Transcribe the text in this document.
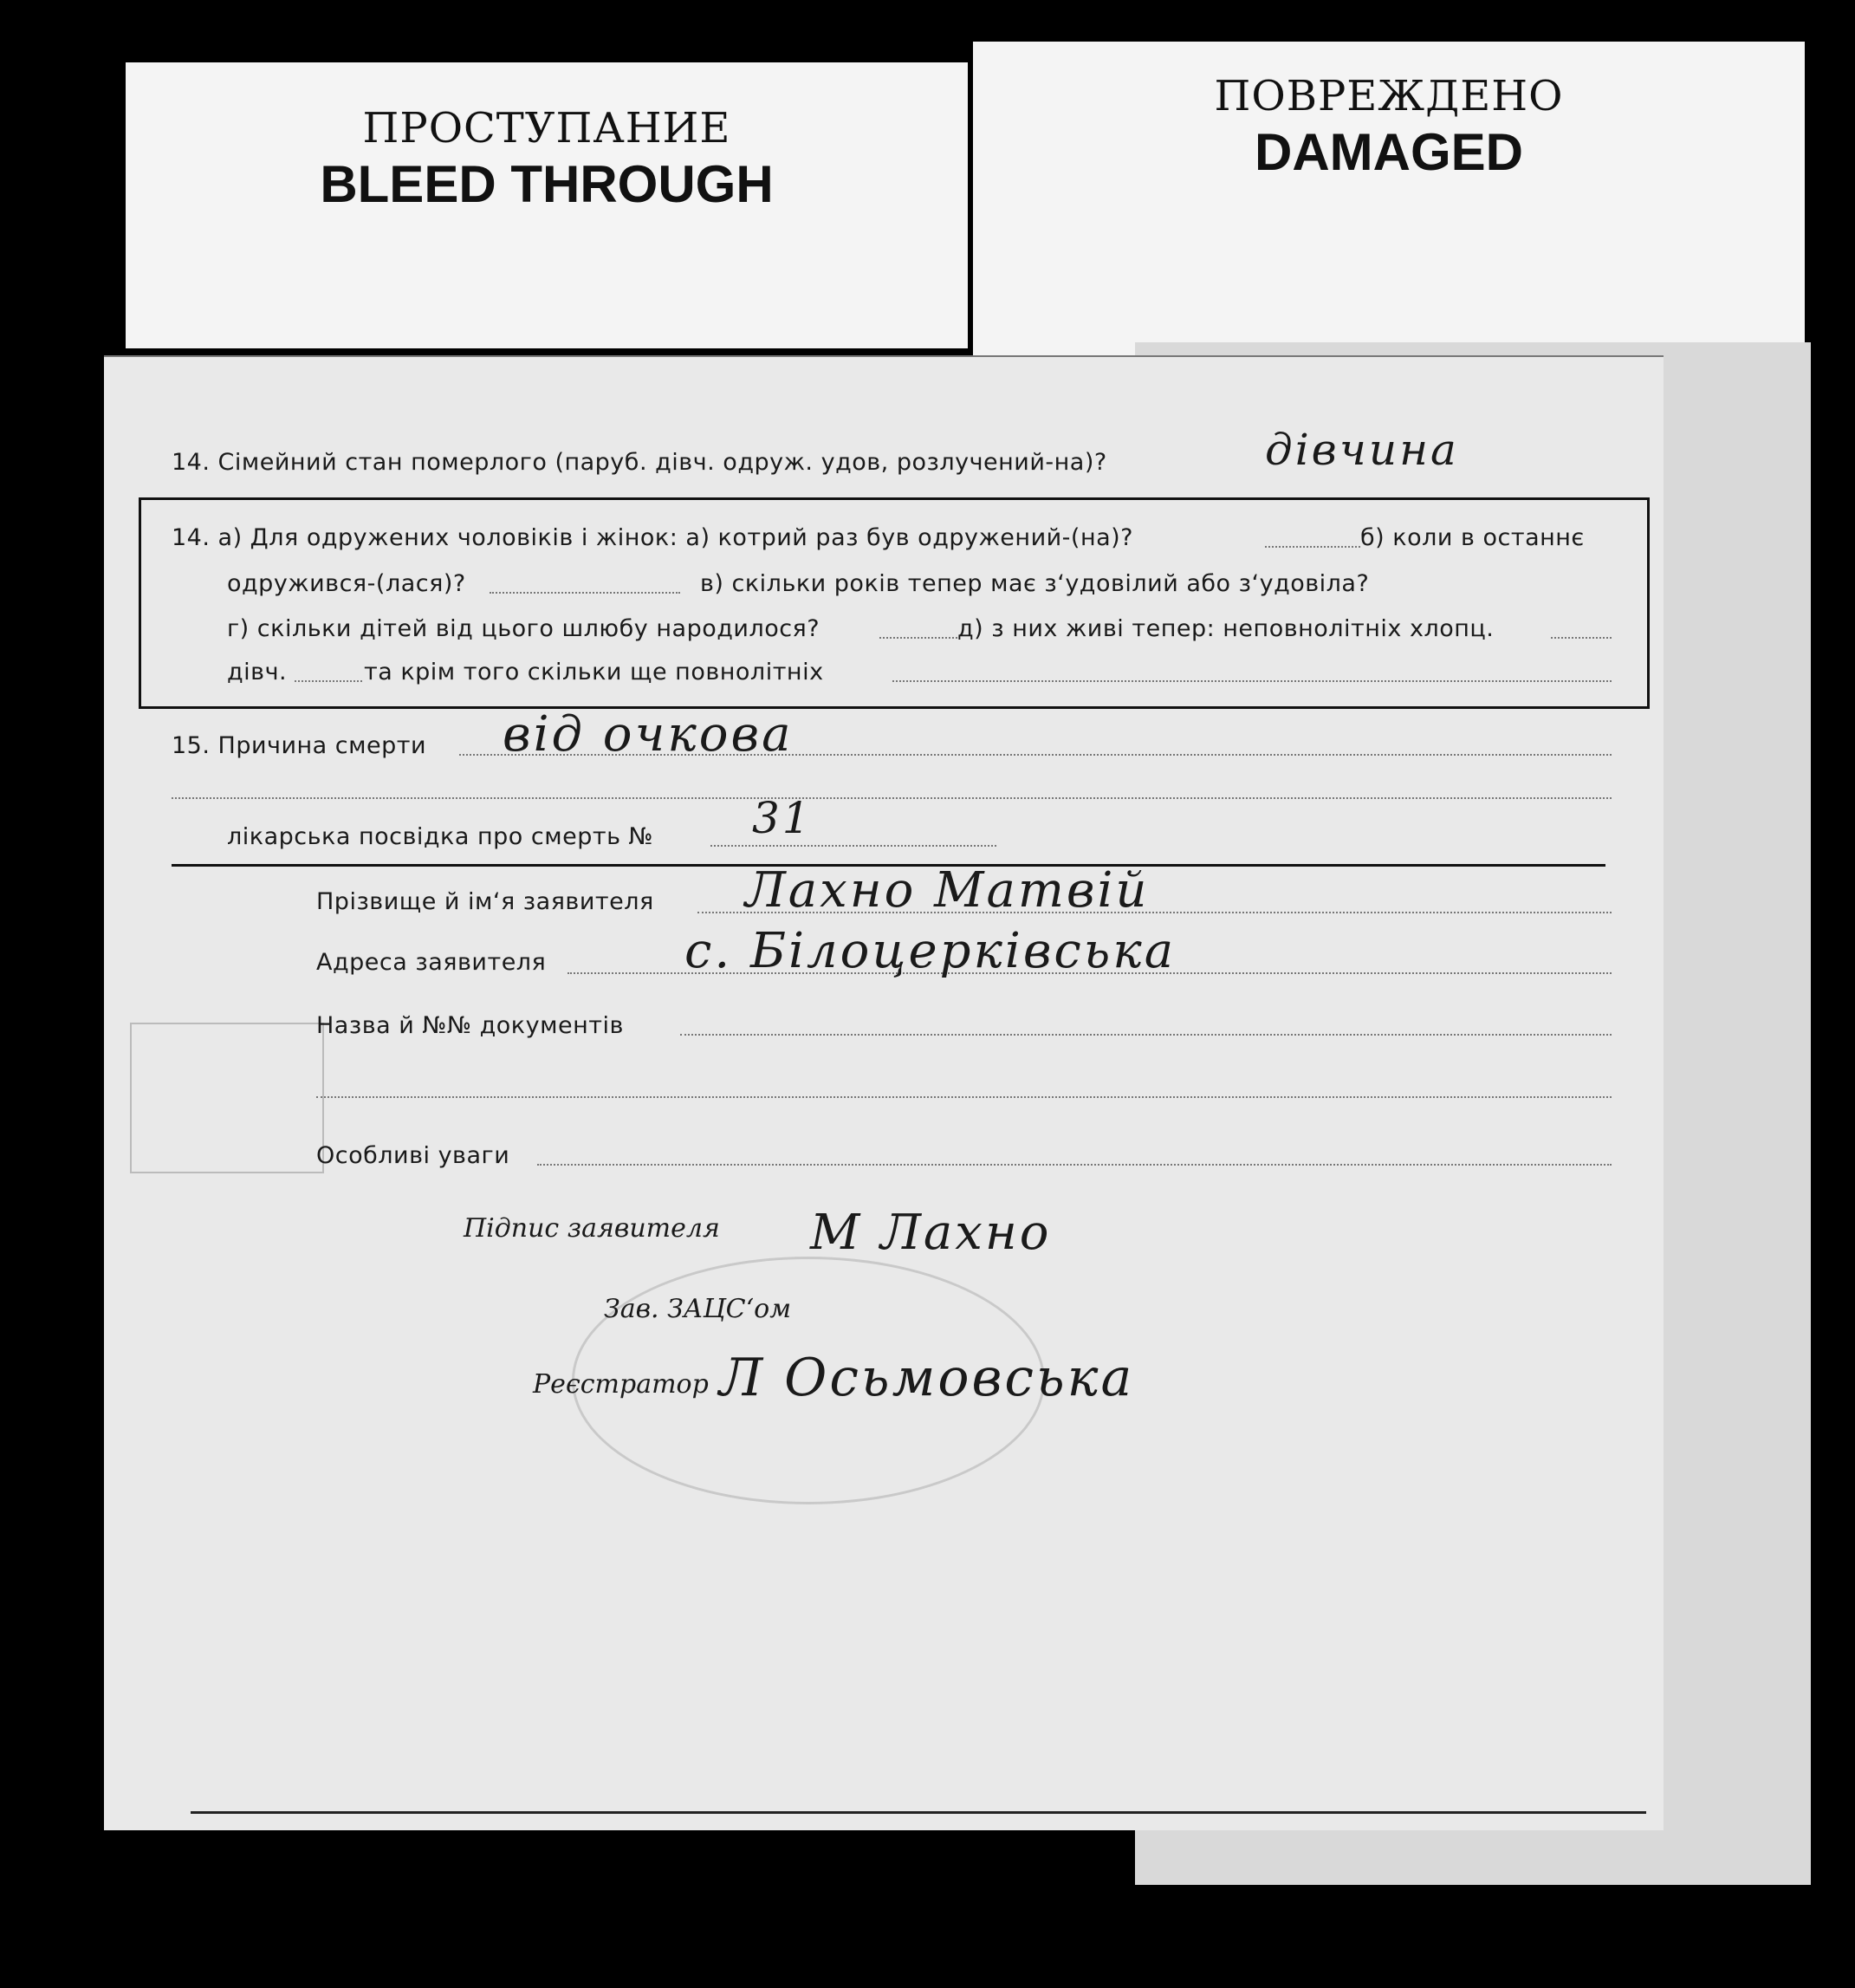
ПРОСТУПАНИЕ
BLEED THROUGH
ПОВРЕЖДЕНО
DAMAGED
14. Сімейний стан померлого (паруб. дівч. одруж. удов, розлучений-на)?	дівчина
14. а) Для одружених чоловіків і жінок: а) котрий раз був одружений-(на)?	б) коли в останнє
одружився-(лася)?	в) скільки років тепер має з‘удовілий або з‘удовіла?
г) скільки дітей від цього шлюбу народилося?	д) з них живі тепер: неповнолітніх хлопц.
дівч.	та крім того скільки ще повнолітніх
15. Причина смерти від очкова
лікарська посвідка про смерть № 31
Прізвище й ім‘я заявителя Лахно Матвій
Адреса заявителя	с. Білоцерківська
Назва й №№ документів
Особливі уваги
Підпис заявителя М Лахно
Зав. ЗАЦС‘ом
Реєстратор Л Осьмовська
